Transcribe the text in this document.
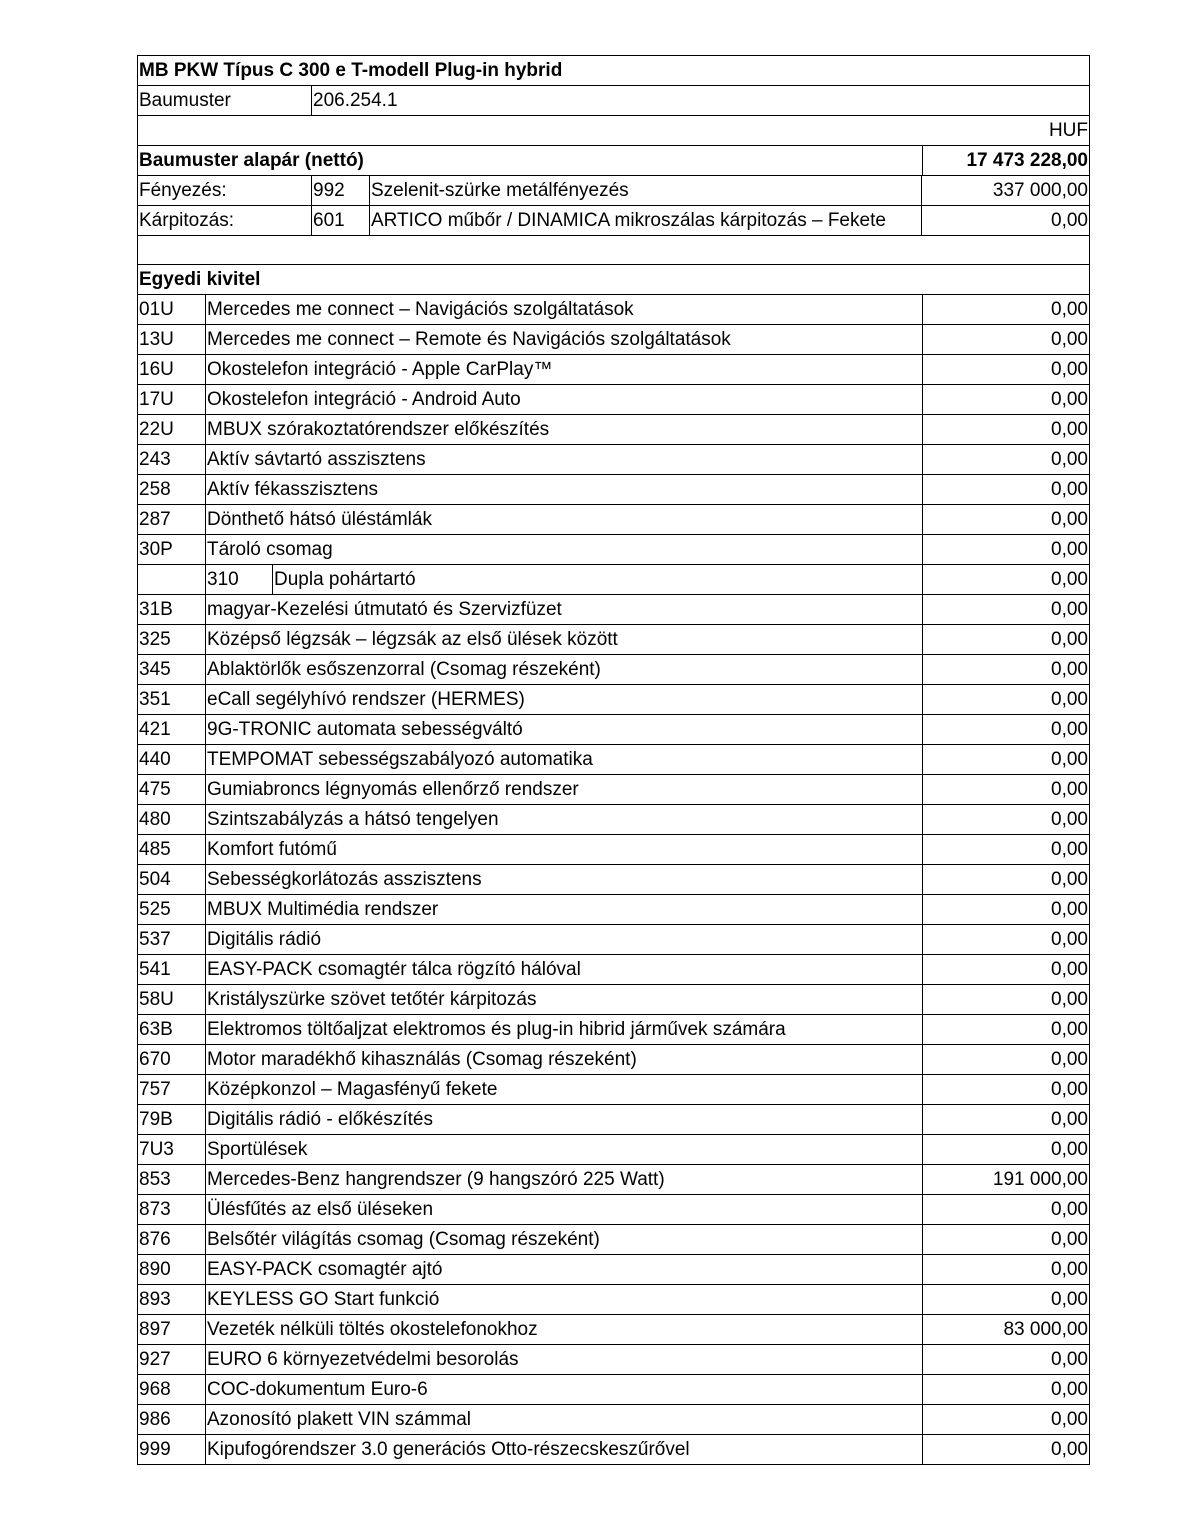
MB PKW Típus C 300 e T-modell Plug-in hybrid
Baumuster	206.254.1
HUF
Baumuster alapár (nettó)	17 473 228,00
Fényezés:	992	Szelenit-szürke metálfényezés	337 000,00
Kárpitozás:	601	ARTICO műbőr / DINAMICA mikroszálas kárpitozás – Fekete	0,00
Egyedi kivitel
01U	Mercedes me connect – Navigációs szolgáltatások	0,00
13U	Mercedes me connect – Remote és Navigációs szolgáltatások	0,00
16U	Okostelefon integráció - Apple CarPlay™	0,00
17U	Okostelefon integráció - Android Auto	0,00
22U	MBUX szórakoztatórendszer előkészítés	0,00
243	Aktív sávtartó asszisztens	0,00
258	Aktív fékasszisztens	0,00
287	Dönthető hátsó üléstámlák	0,00
30P	Tároló csomag	0,00
310	Dupla pohártartó	0,00
31B	magyar-Kezelési útmutató és Szervizfüzet	0,00
325	Középső légzsák – légzsák az első ülések között	0,00
345	Ablaktörlők esőszenzorral (Csomag részeként)	0,00
351	eCall segélyhívó rendszer (HERMES)	0,00
421	9G-TRONIC automata sebességváltó	0,00
440	TEMPOMAT sebességszabályozó automatika	0,00
475	Gumiabroncs légnyomás ellenőrző rendszer	0,00
480	Szintszabályzás a hátsó tengelyen	0,00
485	Komfort futómű	0,00
504	Sebességkorlátozás asszisztens	0,00
525	MBUX Multimédia rendszer	0,00
537	Digitális rádió	0,00
541	EASY-PACK csomagtér tálca rögzító hálóval	0,00
58U	Kristályszürke szövet tetőtér kárpitozás	0,00
63B	Elektromos töltőaljzat elektromos és plug-in hibrid járművek számára	0,00
670	Motor maradékhő kihasználás (Csomag részeként)	0,00
757	Középkonzol – Magasfényű fekete	0,00
79B	Digitális rádió - előkészítés	0,00
7U3	Sportülések	0,00
853	Mercedes-Benz hangrendszer (9 hangszóró 225 Watt)	191 000,00
873	Ülésfűtés az első üléseken	0,00
876	Belsőtér világítás csomag (Csomag részeként)	0,00
890	EASY-PACK csomagtér ajtó	0,00
893	KEYLESS GO Start funkció	0,00
897	Vezeték nélküli töltés okostelefonokhoz	83 000,00
927	EURO 6 környezetvédelmi besorolás	0,00
968	COC-dokumentum Euro-6	0,00
986	Azonosító plakett VIN számmal	0,00
999	Kipufogórendszer 3.0 generációs Otto-részecskeszűrővel	0,00
